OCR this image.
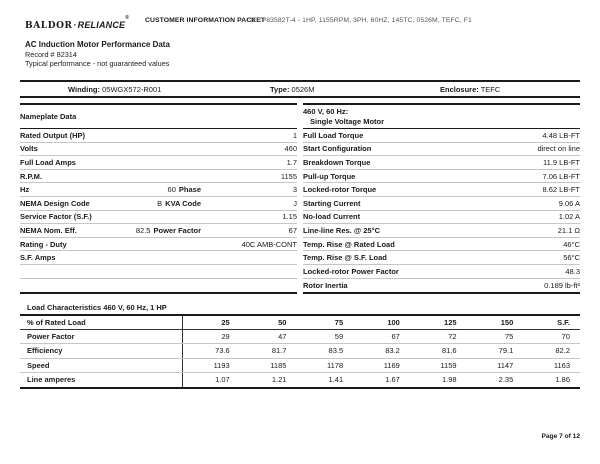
BALDOR·RELIANCE® CUSTOMER INFORMATION PACKET
CECP83582T-4 - 1HP, 1155RPM, 3PH, 60HZ, 145TC, 0526M, TEFC, F1
AC Induction Motor Performance Data
Record # 82314
Typical performance - not guaranteed values
Winding: 05WGX572-R001	Type: 0526M	Enclosure: TEFC
Nameplate Data
Rated Output (HP)	1
Volts	460
Full Load Amps	1.7
R.P.M.	1155
Hz	60 Phase	3
NEMA Design Code	B KVA Code	J
Service Factor (S.F.)	1.15
NEMA Nom. Eff.	82.5 Power Factor	67
Rating - Duty	40C AMB-CONT
S.F. Amps
460 V, 60 Hz:
Single Voltage Motor
Full Load Torque	4.48 LB-FT
Start Configuration	direct on line
Breakdown Torque	11.9 LB-FT
Pull-up Torque	7.06 LB-FT
Locked-rotor Torque	8.62 LB-FT
Starting Current	9.06 A
No-load Current	1.02 A
Line-line Res. @ 25°C	21.1 Ω
Temp. Rise @ Rated Load	46°C
Temp. Rise @ S.F. Load	56°C
Locked-rotor Power Factor	48.3
Rotor Inertia	0.189 lb-ft²
Load Characteristics 460 V, 60 Hz, 1 HP
% of Rated Load	25	50	75	100	125	150	S.F.
Power Factor	29	47	59	67	72	75	70
Efficiency	73.6	81.7	83.5	83.2	81.6	79.1	82.2
Speed	1193	1185	1178	1169	1159	1147	1163
Line amperes	1.07	1.21	1.41	1.67	1.98	2.35	1.86
Page 7 of 12
